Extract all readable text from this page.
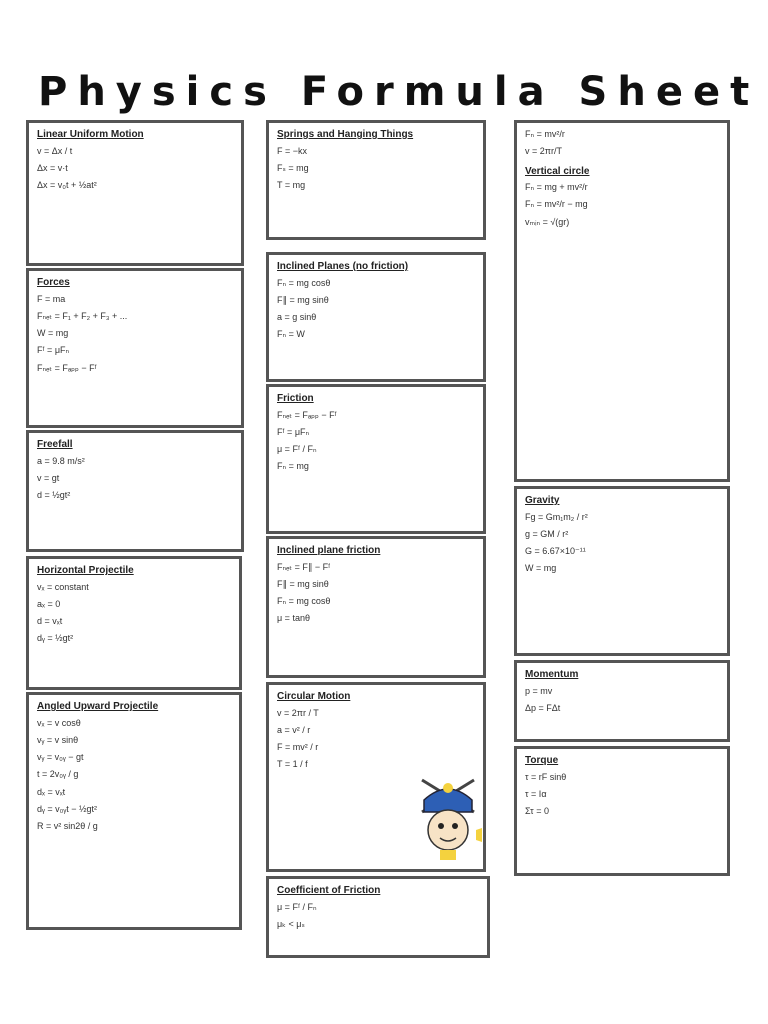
Physics Formula Sheet
Linear Uniform Motion
v = Δx / t
Δx = v·t
Δx = v₀t + ½at²
Forces
F = ma
Fₙₑₜ = F₁ + F₂ + F₃ + ...
W = mg
Fᶠ = μFₙ
Fₙₑₜ = Fₐₚₚ − Fᶠ
Freefall
a = 9.8 m/s²
v = gt
d = ½gt²
Horizontal Projectile
vₓ = constant
aₓ = 0
d = vₓt
dᵧ = ½gt²
Angled Upward Projectile
vₓ = v cosθ
vᵧ = v sinθ
vᵧ = v₀ᵧ − gt
t = 2v₀ᵧ / g
dₓ = vₓt
dᵧ = v₀ᵧt − ½gt²
R = v² sin2θ / g
Springs and Hanging Things
F = −kx
Fₛ = mg
T = mg
Inclined Planes (no friction)
Fₙ = mg cosθ
F∥ = mg sinθ
a = g sinθ
Fₙ = W
Friction
Fₙₑₜ = Fₐₚₚ − Fᶠ
Fᶠ = μFₙ
μ = Fᶠ / Fₙ
Fₙ = mg
Inclined plane friction
Fₙₑₜ = F∥ − Fᶠ
F∥ = mg sinθ
Fₙ = mg cosθ
μ = tanθ
Circular Motion
v = 2πr / T
a = v² / r
F = mv² / r
T = 1 / f
Coefficient of Friction
μ = Fᶠ / Fₙ
μₖ < μₛ
Fₙ = mv²/r
v = 2πr/T
Vertical circle
Fₙ = mg + mv²/r
Fₙ = mv²/r − mg
vₘᵢₙ = √(gr)
Gravity
Fg = Gm₁m₂ / r²
g = GM / r²
G = 6.67×10⁻¹¹
W = mg
Momentum
p = mv
Δp = FΔt
Torque
τ = rF sinθ
τ = Iα
Στ = 0
